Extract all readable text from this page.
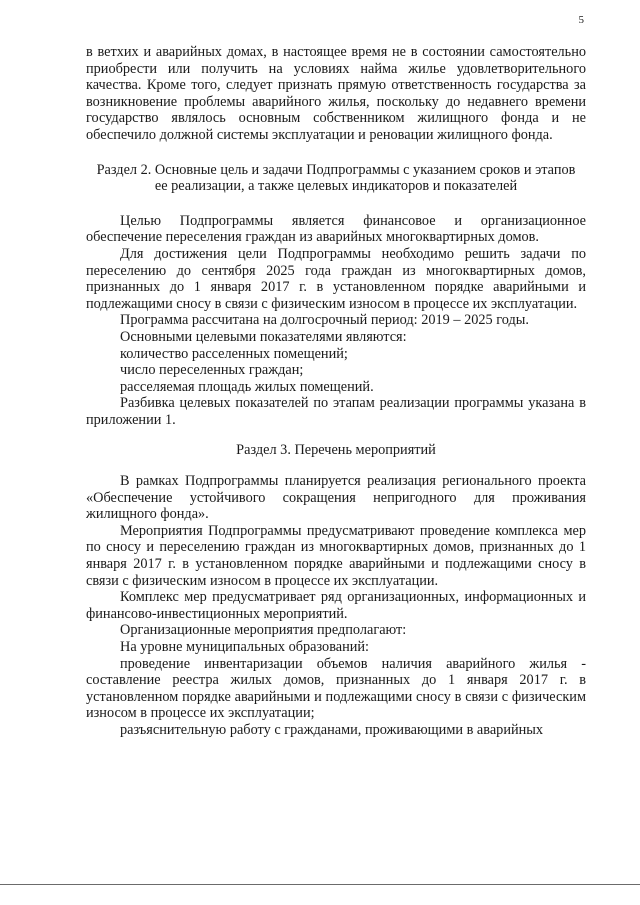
5

в ветхих и аварийных домах, в настоящее время не в состоянии самостоятельно приобрести или получить на условиях найма жилье удовлетворительного качества. Кроме того, следует признать прямую ответственность государства за возникновение проблемы аварийного жилья, поскольку до недавнего времени государство являлось основным собственником жилищного фонда и не обеспечило должной системы эксплуатации и реновации жилищного фонда.

Раздел 2. Основные цель и задачи Подпрограммы с указанием сроков и этапов ее реализации, а также целевых индикаторов и показателей

Целью Подпрограммы является финансовое и организационное обеспечение переселения граждан из аварийных многоквартирных домов.

Для достижения цели Подпрограммы необходимо решить задачи по переселению до сентября 2025 года граждан из многоквартирных домов, признанных до 1 января 2017 г. в установленном порядке аварийными и подлежащими сносу в связи с физическим износом в процессе их эксплуатации.

Программа рассчитана на долгосрочный период: 2019 – 2025 годы.

Основными целевыми показателями являются:

количество расселенных помещений;

число переселенных граждан;

расселяемая площадь жилых помещений.

Разбивка целевых показателей по этапам реализации программы указана в приложении 1.

Раздел 3. Перечень мероприятий

В рамках Подпрограммы планируется реализация регионального проекта «Обеспечение устойчивого сокращения непригодного для проживания жилищного фонда».

Мероприятия Подпрограммы предусматривают проведение комплекса мер по сносу и переселению граждан из многоквартирных домов, признанных до 1 января 2017 г. в установленном порядке аварийными и подлежащими сносу в связи с физическим износом в процессе их эксплуатации.

Комплекс мер предусматривает ряд организационных, информационных и финансово-инвестиционных мероприятий.

Организационные мероприятия предполагают:

На уровне муниципальных образований:

проведение инвентаризации объемов наличия аварийного жилья - составление реестра жилых домов, признанных до 1 января 2017 г. в установленном порядке аварийными и подлежащими сносу в связи с физическим износом в процессе их эксплуатации;

разъяснительную работу с гражданами, проживающими в аварийных
